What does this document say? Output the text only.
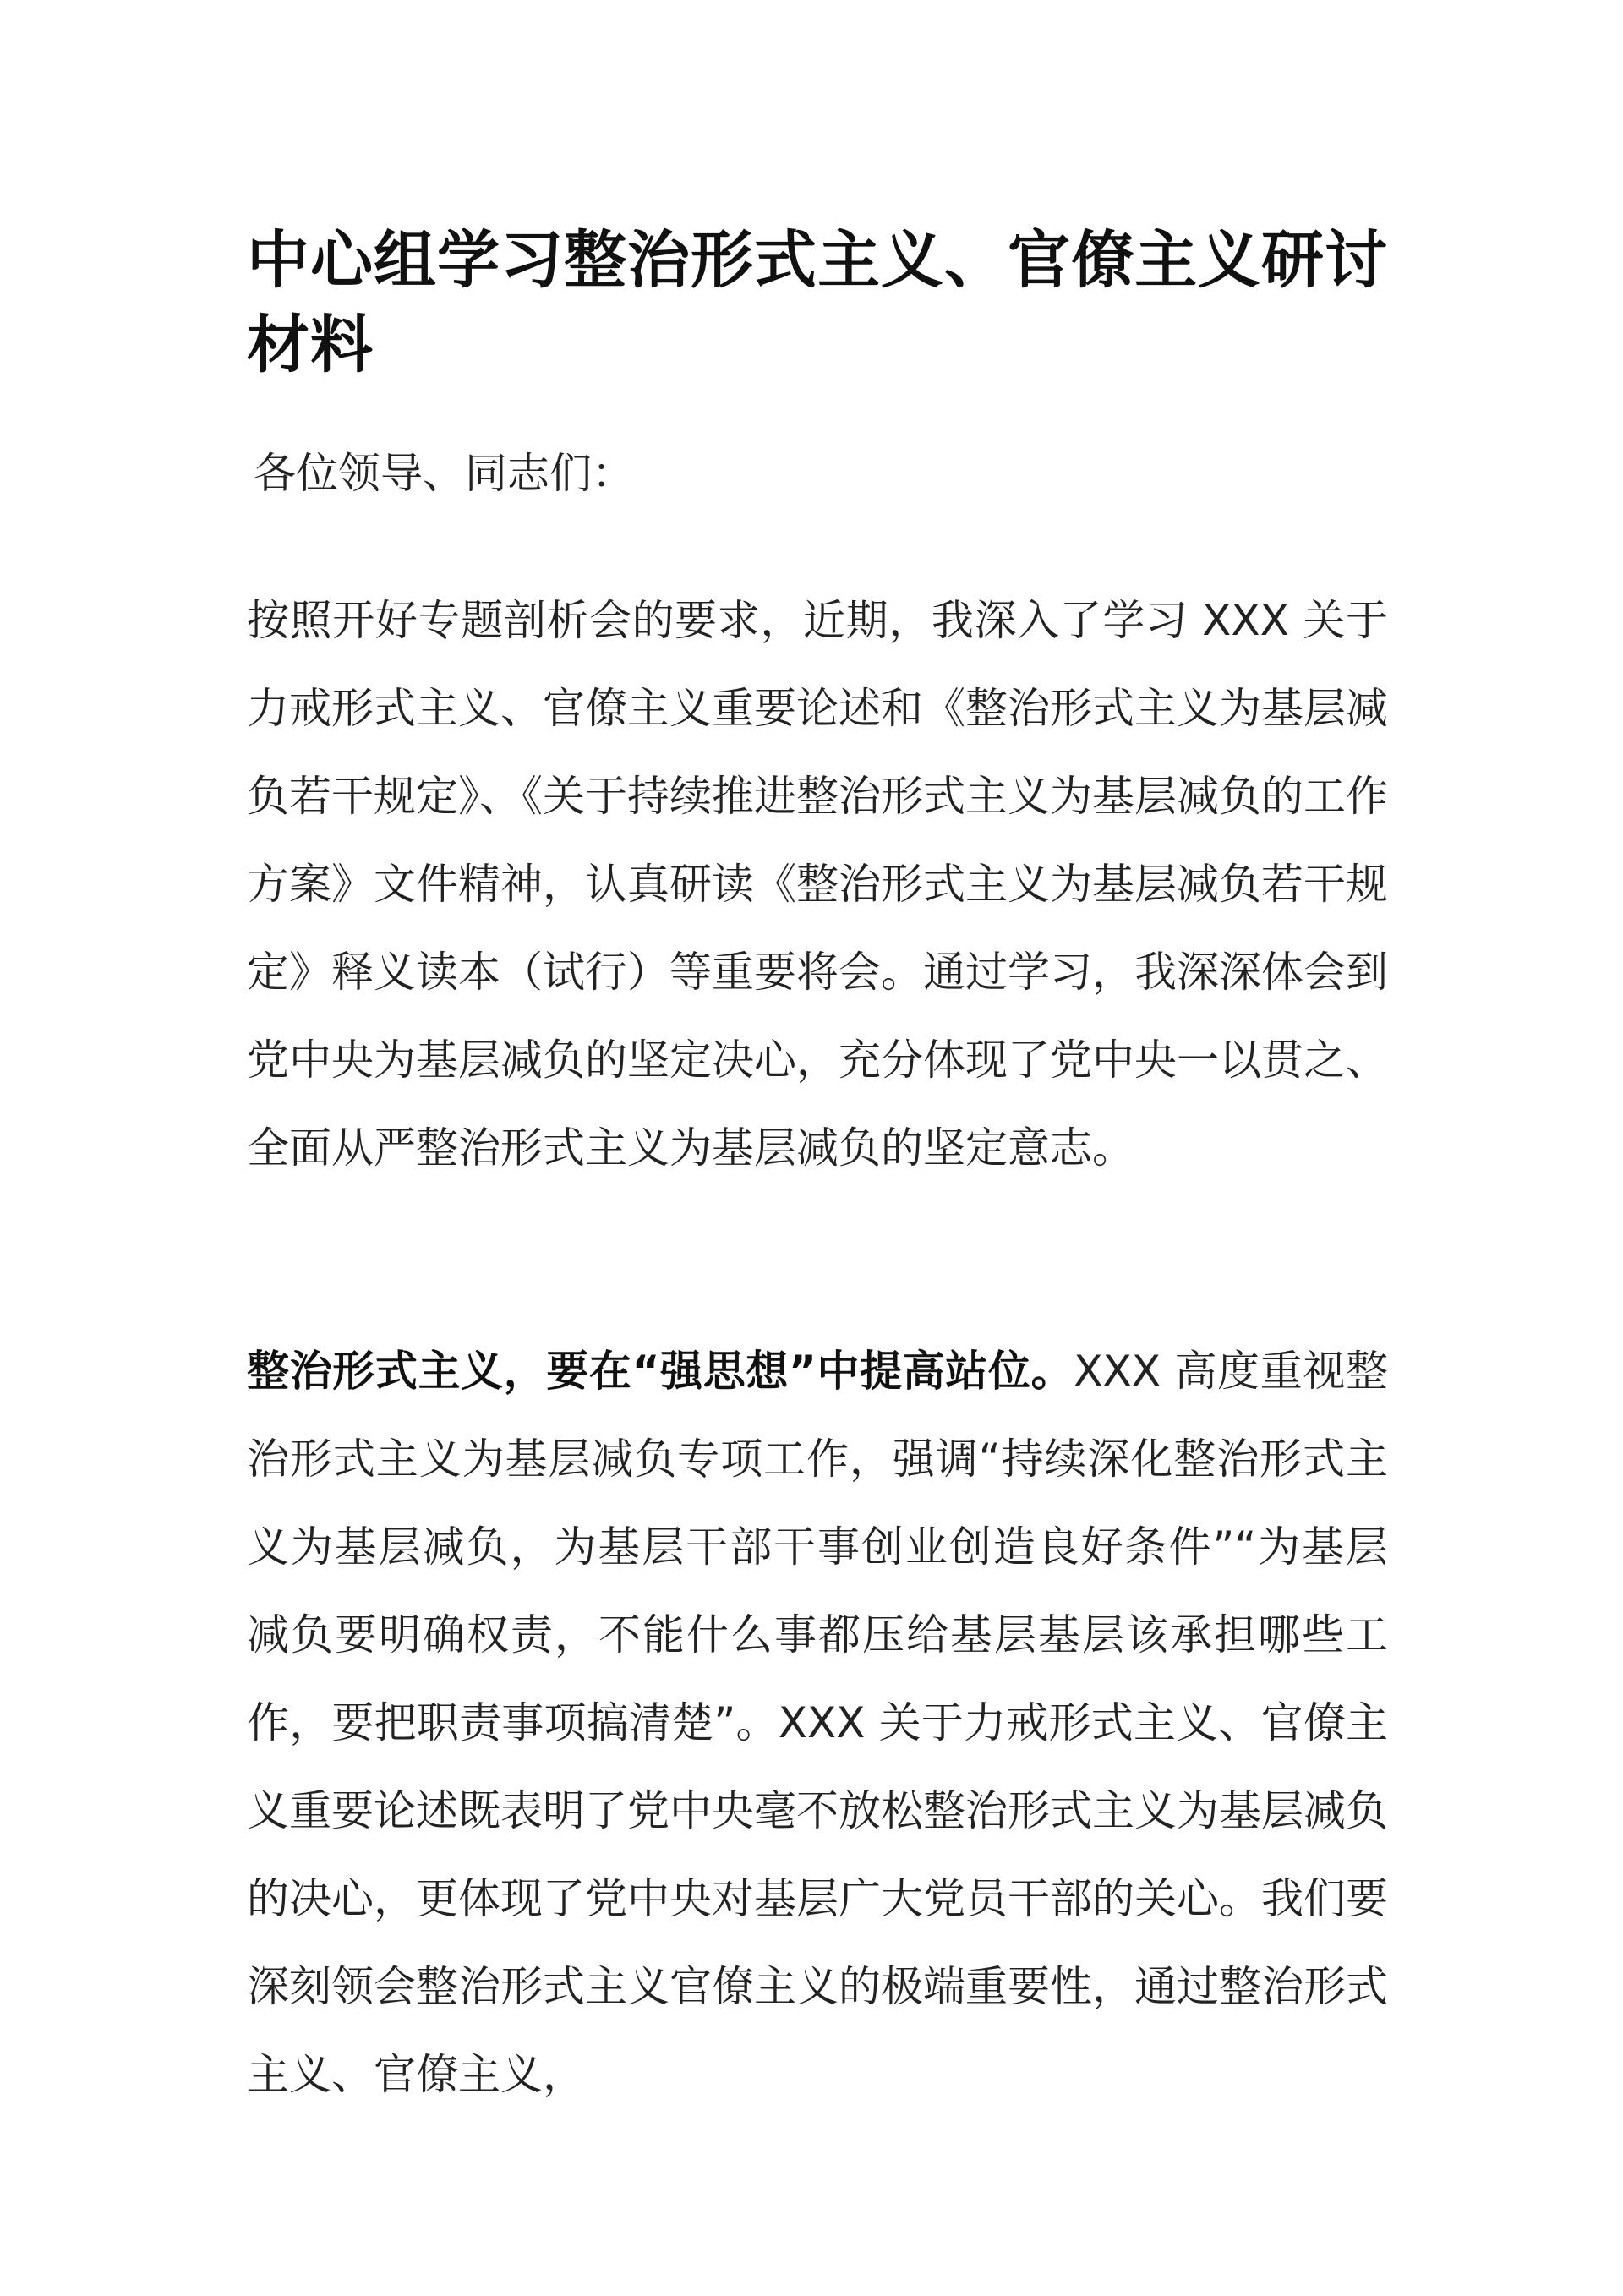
中心组学习整治形式主义、官僚主义研讨材料

各位领导、同志们：

按照开好专题剖析会的要求，近期，我深入了学习 XXX 关于力戒形式主义、官僚主义重要论述和《整治形式主义为基层减负若干规定》、《关于持续推进整治形式主义为基层减负的工作方案》文件精神，认真研读《整治形式主义为基层减负若干规定》释义读本（试行）等重要将会。通过学习，我深深体会到党中央为基层减负的坚定决心，充分体现了党中央一以贯之、全面从严整治形式主义为基层减负的坚定意志。

整治形式主义，要在“强思想”中提高站位。XXX 高度重视整治形式主义为基层减负专项工作，强调“持续深化整治形式主义为基层减负，为基层干部干事创业创造良好条件”“为基层减负要明确权责，不能什么事都压给基层基层该承担哪些工作，要把职责事项搞清楚”。XXX 关于力戒形式主义、官僚主义重要论述既表明了党中央毫不放松整治形式主义为基层减负的决心，更体现了党中央对基层广大党员干部的关心。我们要深刻领会整治形式主义官僚主义的极端重要性，通过整治形式主义、官僚主义，
